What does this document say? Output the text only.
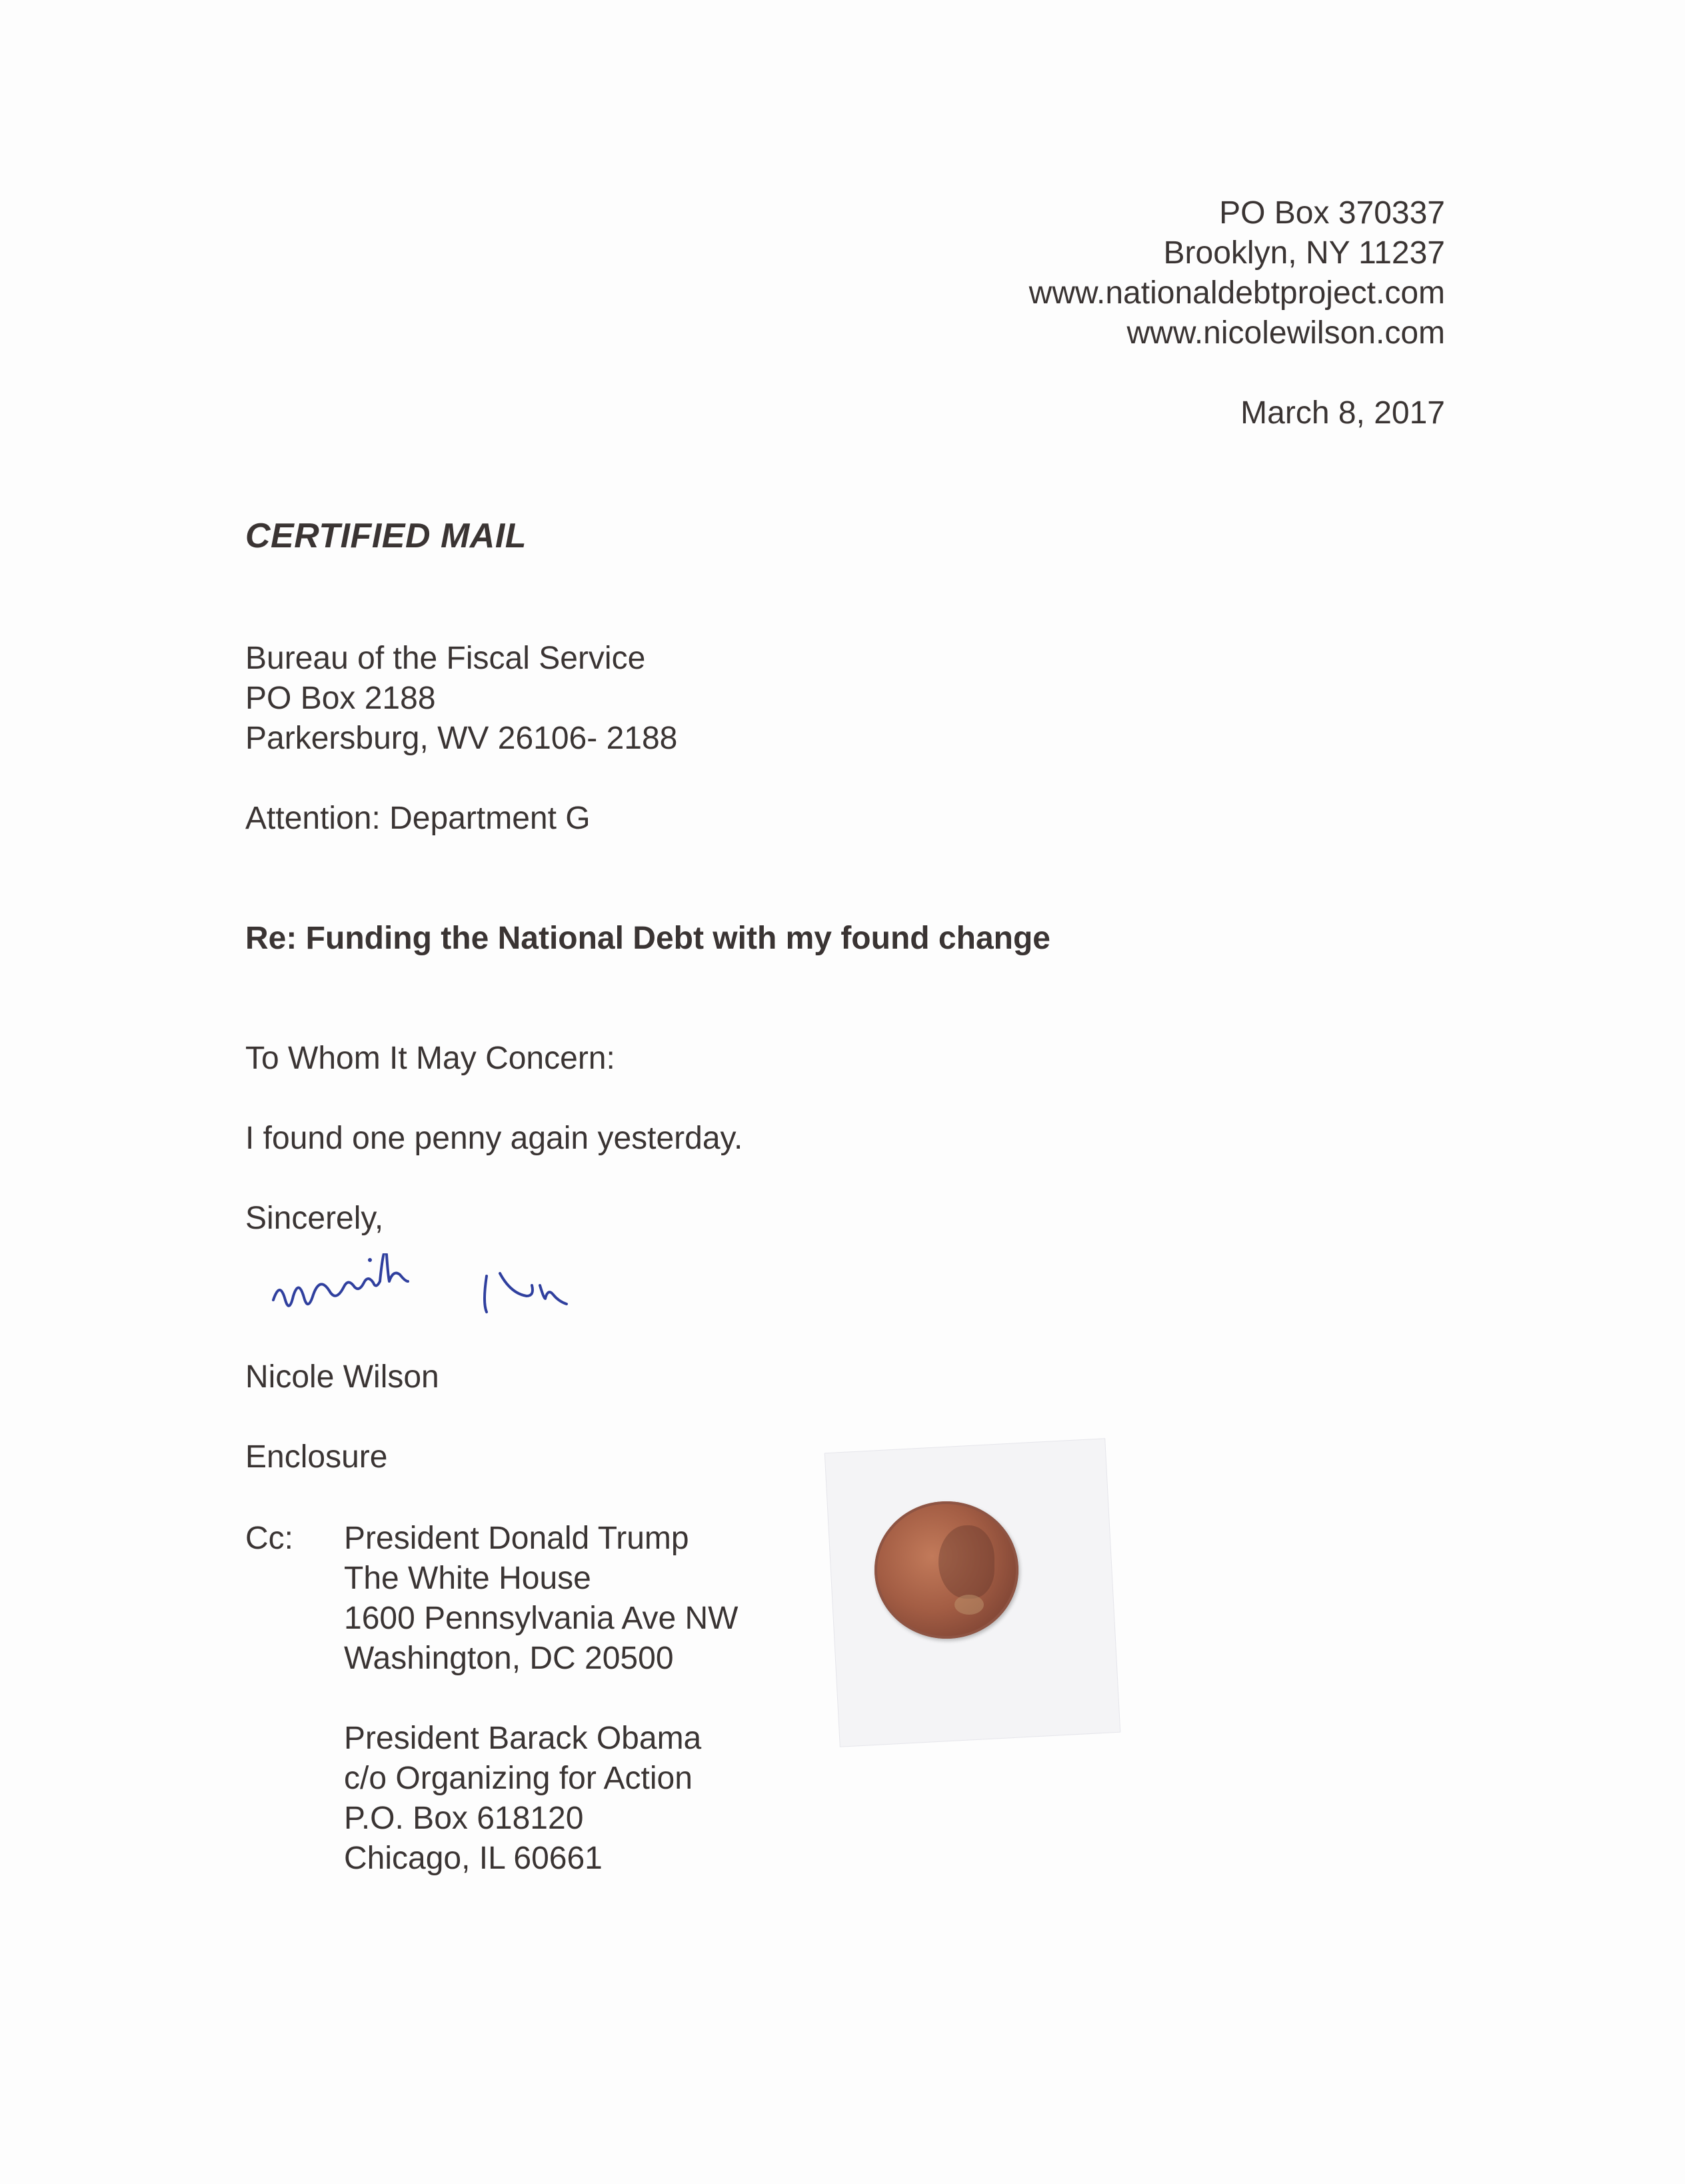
PO Box 370337
Brooklyn, NY 11237
www.nationaldebtproject.com
www.nicolewilson.com
March 8, 2017
CERTIFIED MAIL
Bureau of the Fiscal Service
PO Box 2188
Parkersburg, WV 26106- 2188

Attention: Department G

Re: Funding the National Debt with my found change

To Whom It May Concern:

I found one penny again yesterday.

Sincerely,

Nicole Wilson

Enclosure

Cc: President Donald Trump
The White House
1600 Pennsylvania Ave NW
Washington, DC 20500
President Barack Obama
c/o Organizing for Action
P.O. Box 618120
Chicago, IL 60661
